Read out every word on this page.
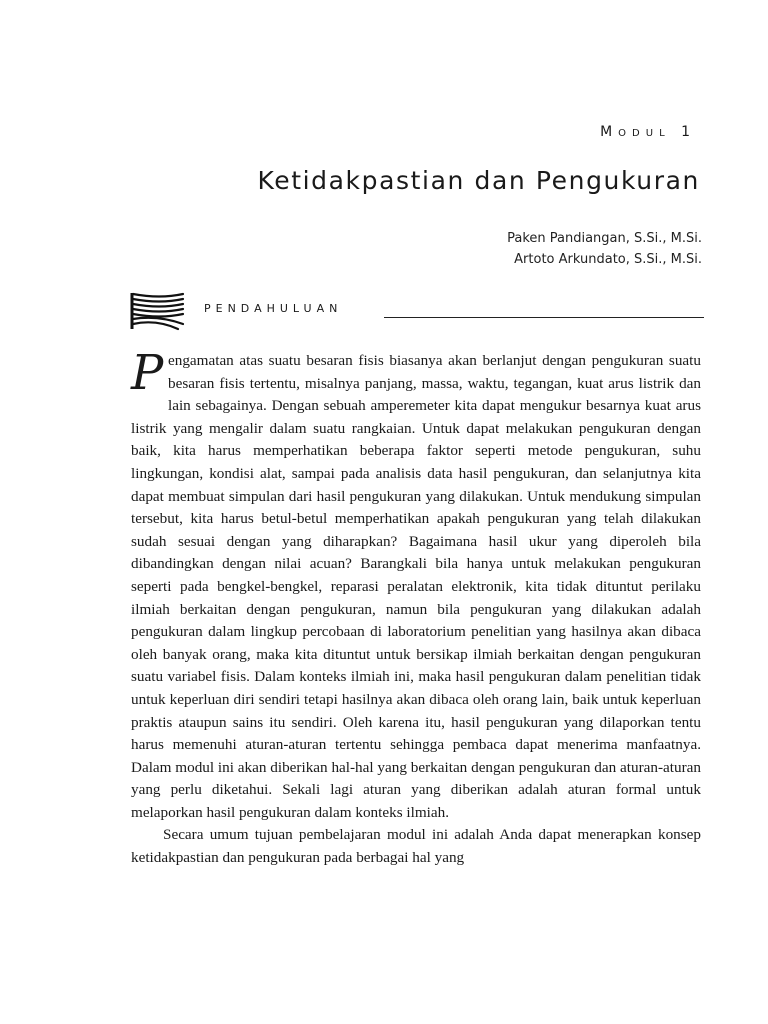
Modul 1
Ketidakpastian dan Pengukuran
Paken Pandiangan, S.Si., M.Si.
Artoto Arkundato, S.Si., M.Si.
PENDAHULUAN

Pengamatan atas suatu besaran fisis biasanya akan berlanjut dengan pengukuran suatu besaran fisis tertentu, misalnya panjang, massa, waktu, tegangan, kuat arus listrik dan lain sebagainya. Dengan sebuah amperemeter kita dapat mengukur besarnya kuat arus listrik yang mengalir dalam suatu rangkaian. Untuk dapat melakukan pengukuran dengan baik, kita harus memperhatikan beberapa faktor seperti metode pengukuran, suhu lingkungan, kondisi alat, sampai pada analisis data hasil pengukuran, dan selanjutnya kita dapat membuat simpulan dari hasil pengukuran yang dilakukan. Untuk mendukung simpulan tersebut, kita harus betul-betul memperhatikan apakah pengukuran yang telah dilakukan sudah sesuai dengan yang diharapkan? Bagaimana hasil ukur yang diperoleh bila dibandingkan dengan nilai acuan? Barangkali bila hanya untuk melakukan pengukuran seperti pada bengkel-bengkel, reparasi peralatan elektronik, kita tidak dituntut perilaku ilmiah berkaitan dengan pengukuran, namun bila pengukuran yang dilakukan adalah pengukuran dalam lingkup percobaan di laboratorium penelitian yang hasilnya akan dibaca oleh banyak orang, maka kita dituntut untuk bersikap ilmiah berkaitan dengan pengukuran suatu variabel fisis. Dalam konteks ilmiah ini, maka hasil pengukuran dalam penelitian tidak untuk keperluan diri sendiri tetapi hasilnya akan dibaca oleh orang lain, baik untuk keperluan praktis ataupun sains itu sendiri. Oleh karena itu, hasil pengukuran yang dilaporkan tentu harus memenuhi aturan-aturan tertentu sehingga pembaca dapat menerima manfaatnya. Dalam modul ini akan diberikan hal-hal yang berkaitan dengan pengukuran dan aturan-aturan yang perlu diketahui. Sekali lagi aturan yang diberikan adalah aturan formal untuk melaporkan hasil pengukuran dalam konteks ilmiah.

Secara umum tujuan pembelajaran modul ini adalah Anda dapat menerapkan konsep ketidakpastian dan pengukuran pada berbagai hal yang
